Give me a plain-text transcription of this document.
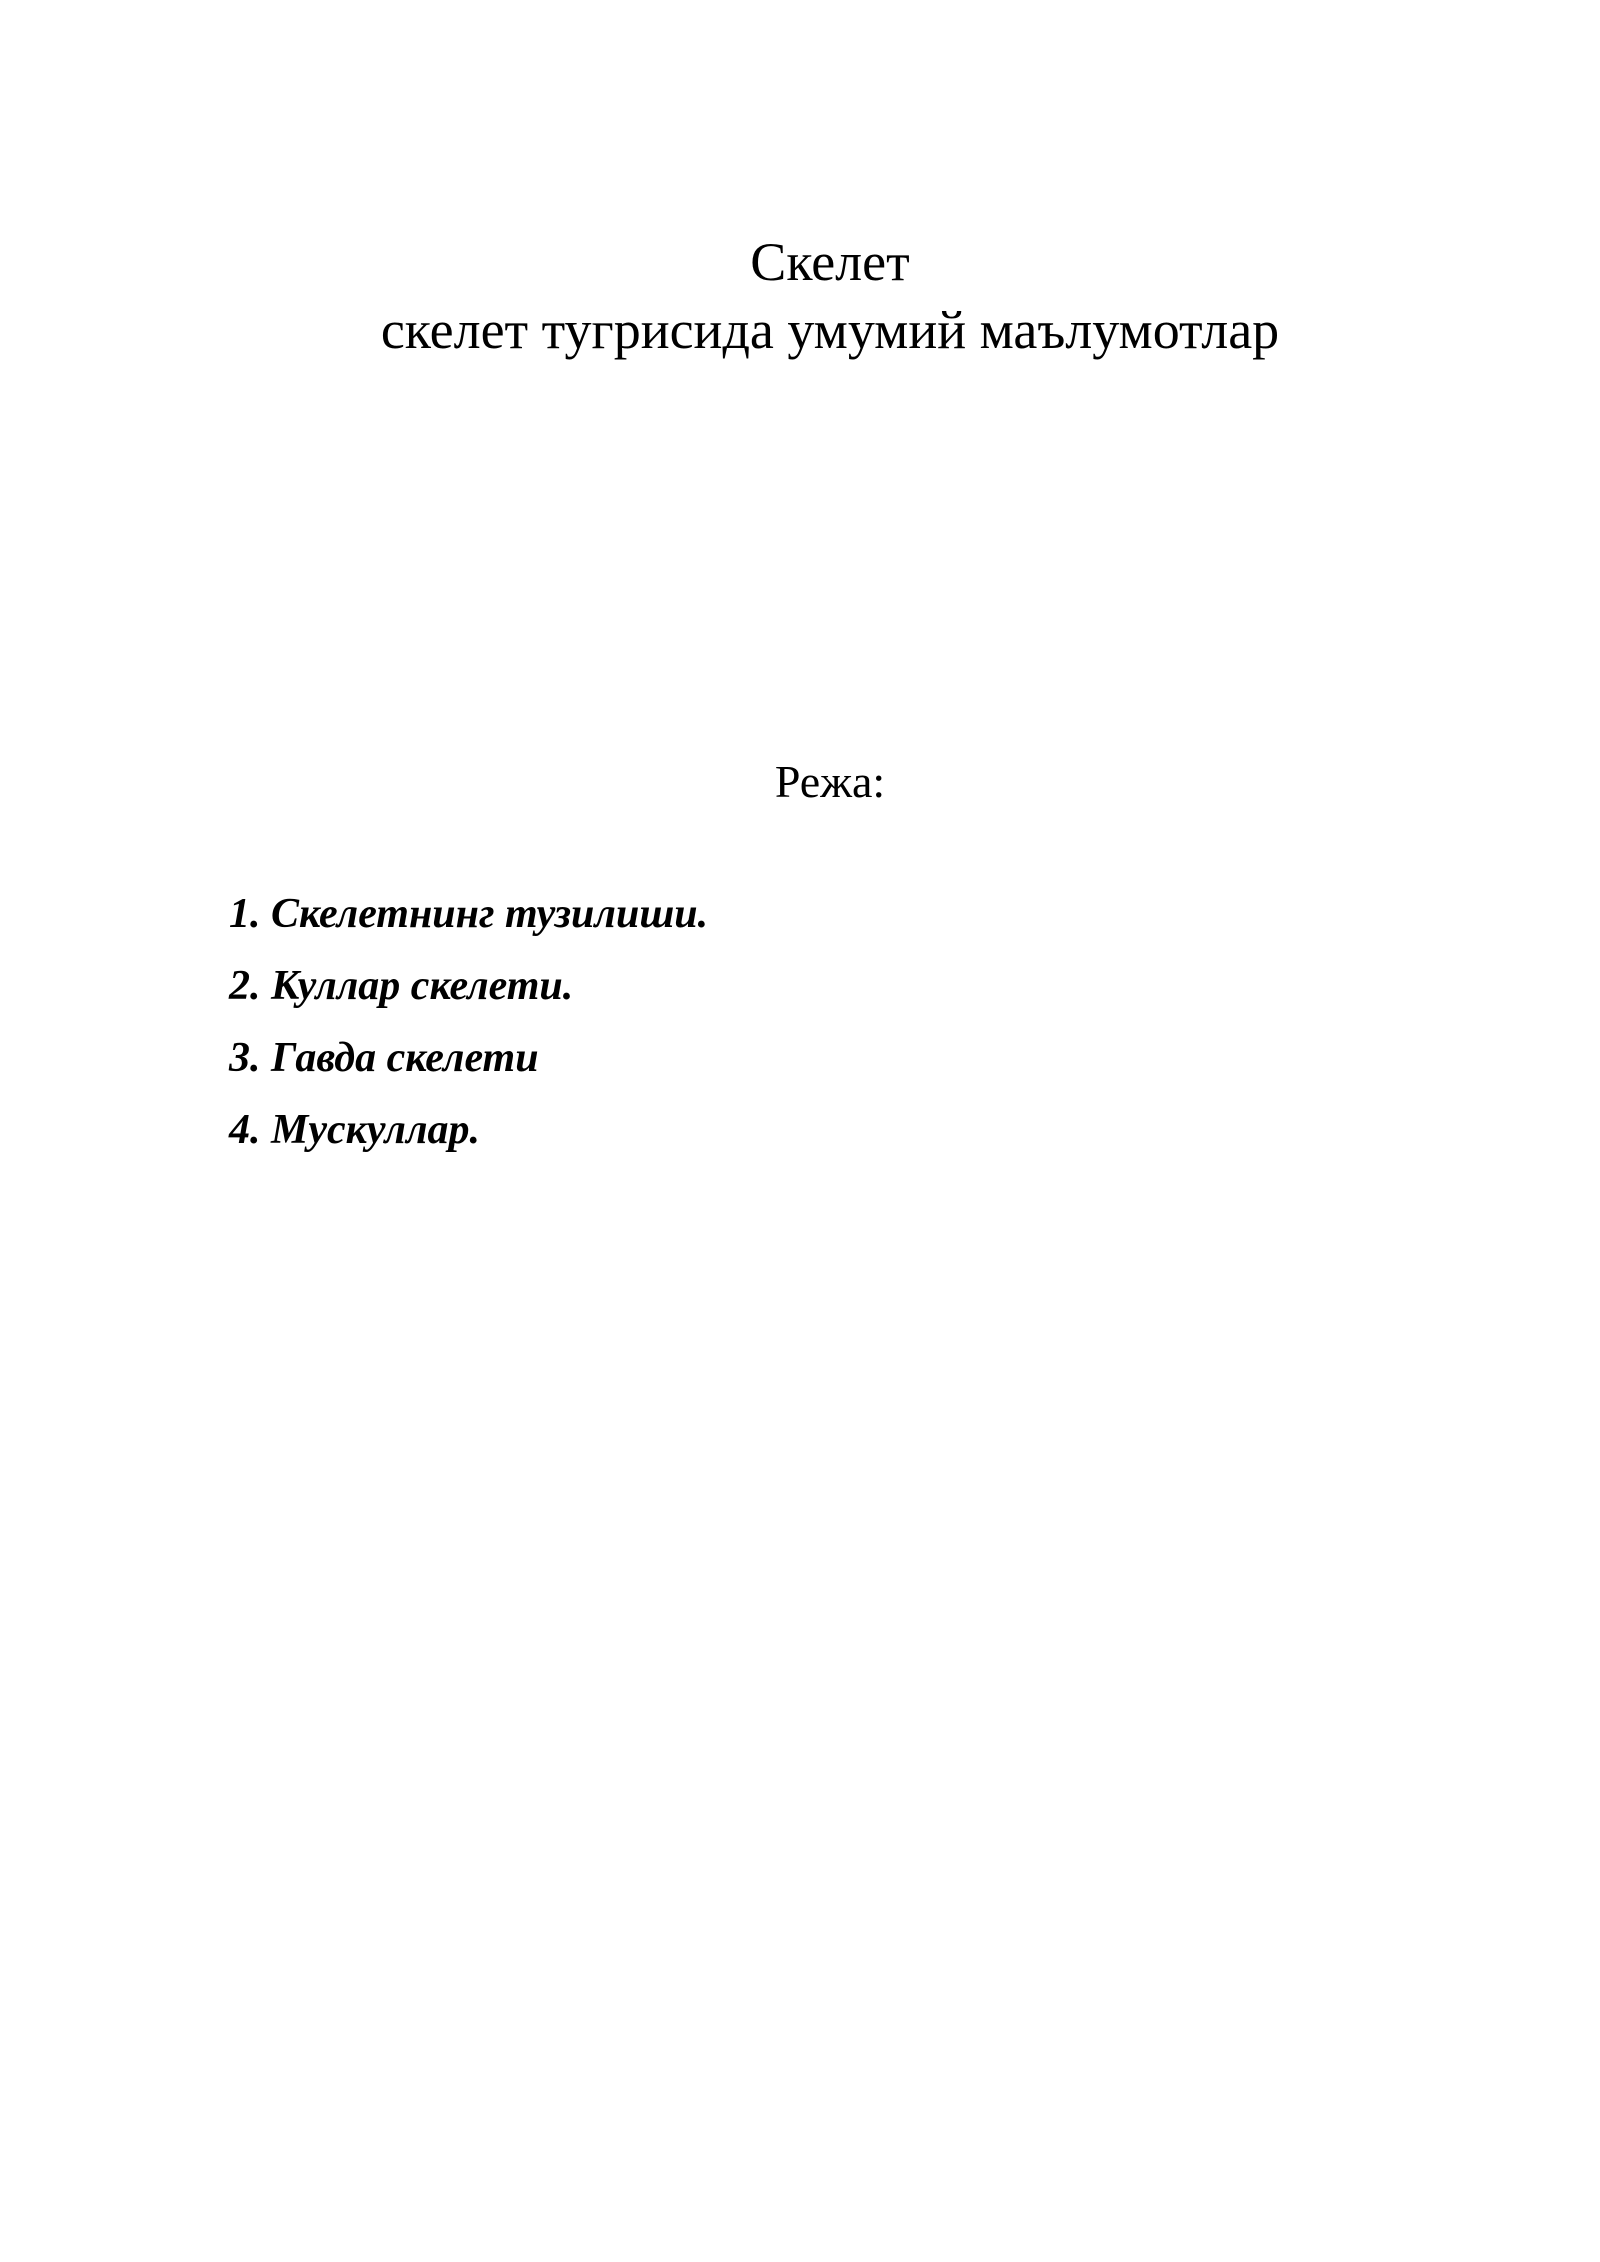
Скелет
скелет тугрисида умумий маълумотлар
Режа:
1. Скелетнинг тузилиши.
2. Куллар скелети.
3. Гавда скелети
4. Мускуллар.
